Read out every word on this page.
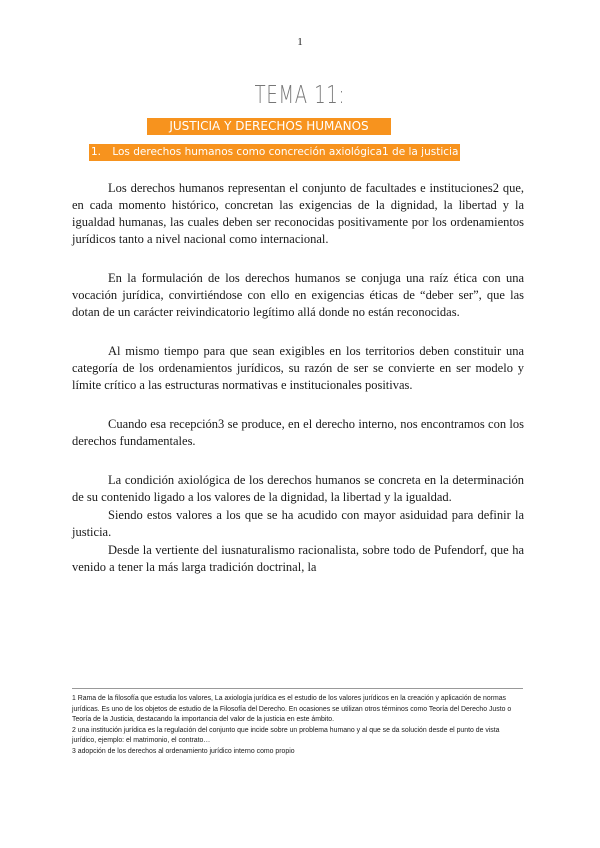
1
TEMA 11:
JUSTICIA Y DERECHOS HUMANOS
1. Los derechos humanos como concreción axiológica1 de la justicia

Los derechos humanos representan el conjunto de facultades e instituciones2 que, en cada momento histórico, concretan las exigencias de la dignidad, la libertad y la igualdad humanas, las cuales deben ser reconocidas positivamente por los ordenamientos jurídicos tanto a nivel nacional como internacional.

En la formulación de los derechos humanos se conjuga una raíz ética con una vocación jurídica, convirtiéndose con ello en exigencias éticas de “deber ser”, que las dotan de un carácter reivindicatorio legítimo allá donde no están reconocidas.

Al mismo tiempo para que sean exigibles en los territorios deben constituir una categoría de los ordenamientos jurídicos, su razón de ser se convierte en ser modelo y límite crítico a las estructuras normativas e institucionales positivas.

Cuando esa recepción3 se produce, en el derecho interno, nos encontramos con los derechos fundamentales.

La condición axiológica de los derechos humanos se concreta en la determinación de su contenido ligado a los valores de la dignidad, la libertad y la igualdad.

Siendo estos valores a los que se ha acudido con mayor asiduidad para definir la justicia.

Desde la vertiente del iusnaturalismo racionalista, sobre todo de Pufendorf, que ha venido a tener la más larga tradición doctrinal, la

1 Rama de la filosofía que estudia los valores, La axiología jurídica es el estudio de los valores jurídicos en la creación y aplicación de normas jurídicas. Es uno de los objetos de estudio de la Filosofía del Derecho. En ocasiones se utilizan otros términos como Teoría del Derecho Justo o Teoría de la Justicia, destacando la importancia del valor de la justicia en este ámbito.

2 una institución jurídica es la regulación del conjunto que incide sobre un problema humano y al que se da solución desde el punto de vista jurídico, ejemplo: el matrimonio, el contrato…

3 adopción de los derechos al ordenamiento jurídico interno como propio
